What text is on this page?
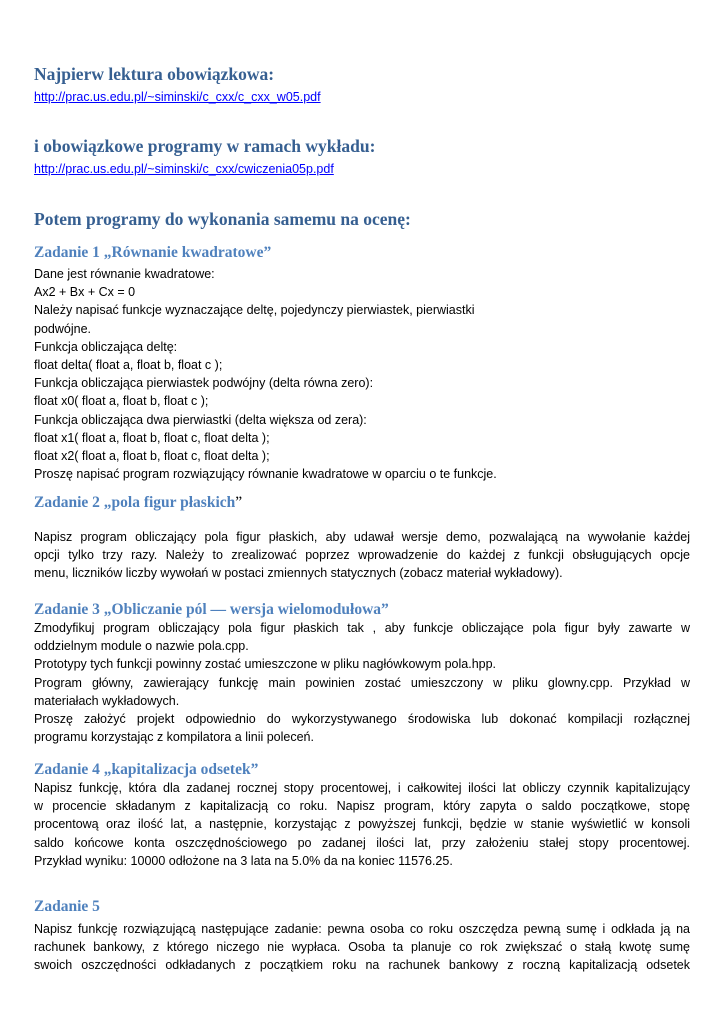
Najpierw lektura obowiązkowa:
http://prac.us.edu.pl/~siminski/c_cxx/c_cxx_w05.pdf
i obowiązkowe programy w ramach wykładu:
http://prac.us.edu.pl/~siminski/c_cxx/cwiczenia05p.pdf
Potem programy do wykonania samemu na ocenę:
Zadanie 1 „Równanie kwadratowe”
Dane jest równanie kwadratowe:
Ax2 + Bx + Cx = 0
Należy napisać funkcje wyznaczające deltę, pojedynczy pierwiastek, pierwiastki
podwójne.
Funkcja obliczająca deltę:
float delta( float a, float b, float c );
Funkcja obliczająca pierwiastek podwójny (delta równa zero):
float x0( float a, float b, float c );
Funkcja obliczająca dwa pierwiastki (delta większa od zera):
float x1( float a, float b, float c, float delta );
float x2( float a, float b, float c, float delta );
Proszę napisać program rozwiązujący równanie kwadratowe w oparciu o te funkcje.
Zadanie 2 „pola figur płaskich”
Napisz program obliczający pola figur płaskich, aby udawał wersje demo, pozwalającą na wywołanie każdej
opcji tylko trzy razy. Należy to zrealizować poprzez wprowadzenie do każdej z funkcji obsługujących opcje
menu, liczników liczby wywołań w postaci zmiennych statycznych (zobacz materiał wykładowy).
Zadanie 3 „Obliczanie pól — wersja wielomodułowa”
Zmodyfikuj program obliczający pola figur płaskich tak , aby funkcje obliczające pola figur były zawarte w
oddzielnym module o nazwie pola.cpp.
Prototypy tych funkcji powinny zostać umieszczone w pliku nagłówkowym pola.hpp.
Program główny, zawierający funkcję main powinien zostać umieszczony w pliku glowny.cpp. Przykład w
materiałach wykładowych.
Proszę założyć projekt odpowiednio do wykorzystywanego środowiska lub dokonać kompilacji rozłącznej
programu korzystając z kompilatora a linii poleceń.
Zadanie 4 „kapitalizacja odsetek”
Napisz funkcję, która dla zadanej rocznej stopy procentowej, i całkowitej ilości lat obliczy czynnik kapitalizujący
w procencie składanym z kapitalizacją co roku. Napisz program, który zapyta o saldo początkowe, stopę
procentową oraz ilość lat, a następnie, korzystając z powyższej funkcji, będzie w stanie wyświetlić w konsoli
saldo końcowe konta oszczędnościowego po zadanej ilości lat, przy założeniu stałej stopy procentowej.
Przykład wyniku: 10000 odłożone na 3 lata na 5.0% da na koniec 11576.25.
Zadanie 5
Napisz funkcję rozwiązującą następujące zadanie: pewna osoba co roku oszczędza pewną sumę i odkłada ją na
rachunek bankowy, z którego niczego nie wypłaca. Osoba ta planuje co rok zwiększać o stałą kwotę sumę
swoich oszczędności odkładanych z początkiem roku na rachunek bankowy z roczną kapitalizacją odsetek
